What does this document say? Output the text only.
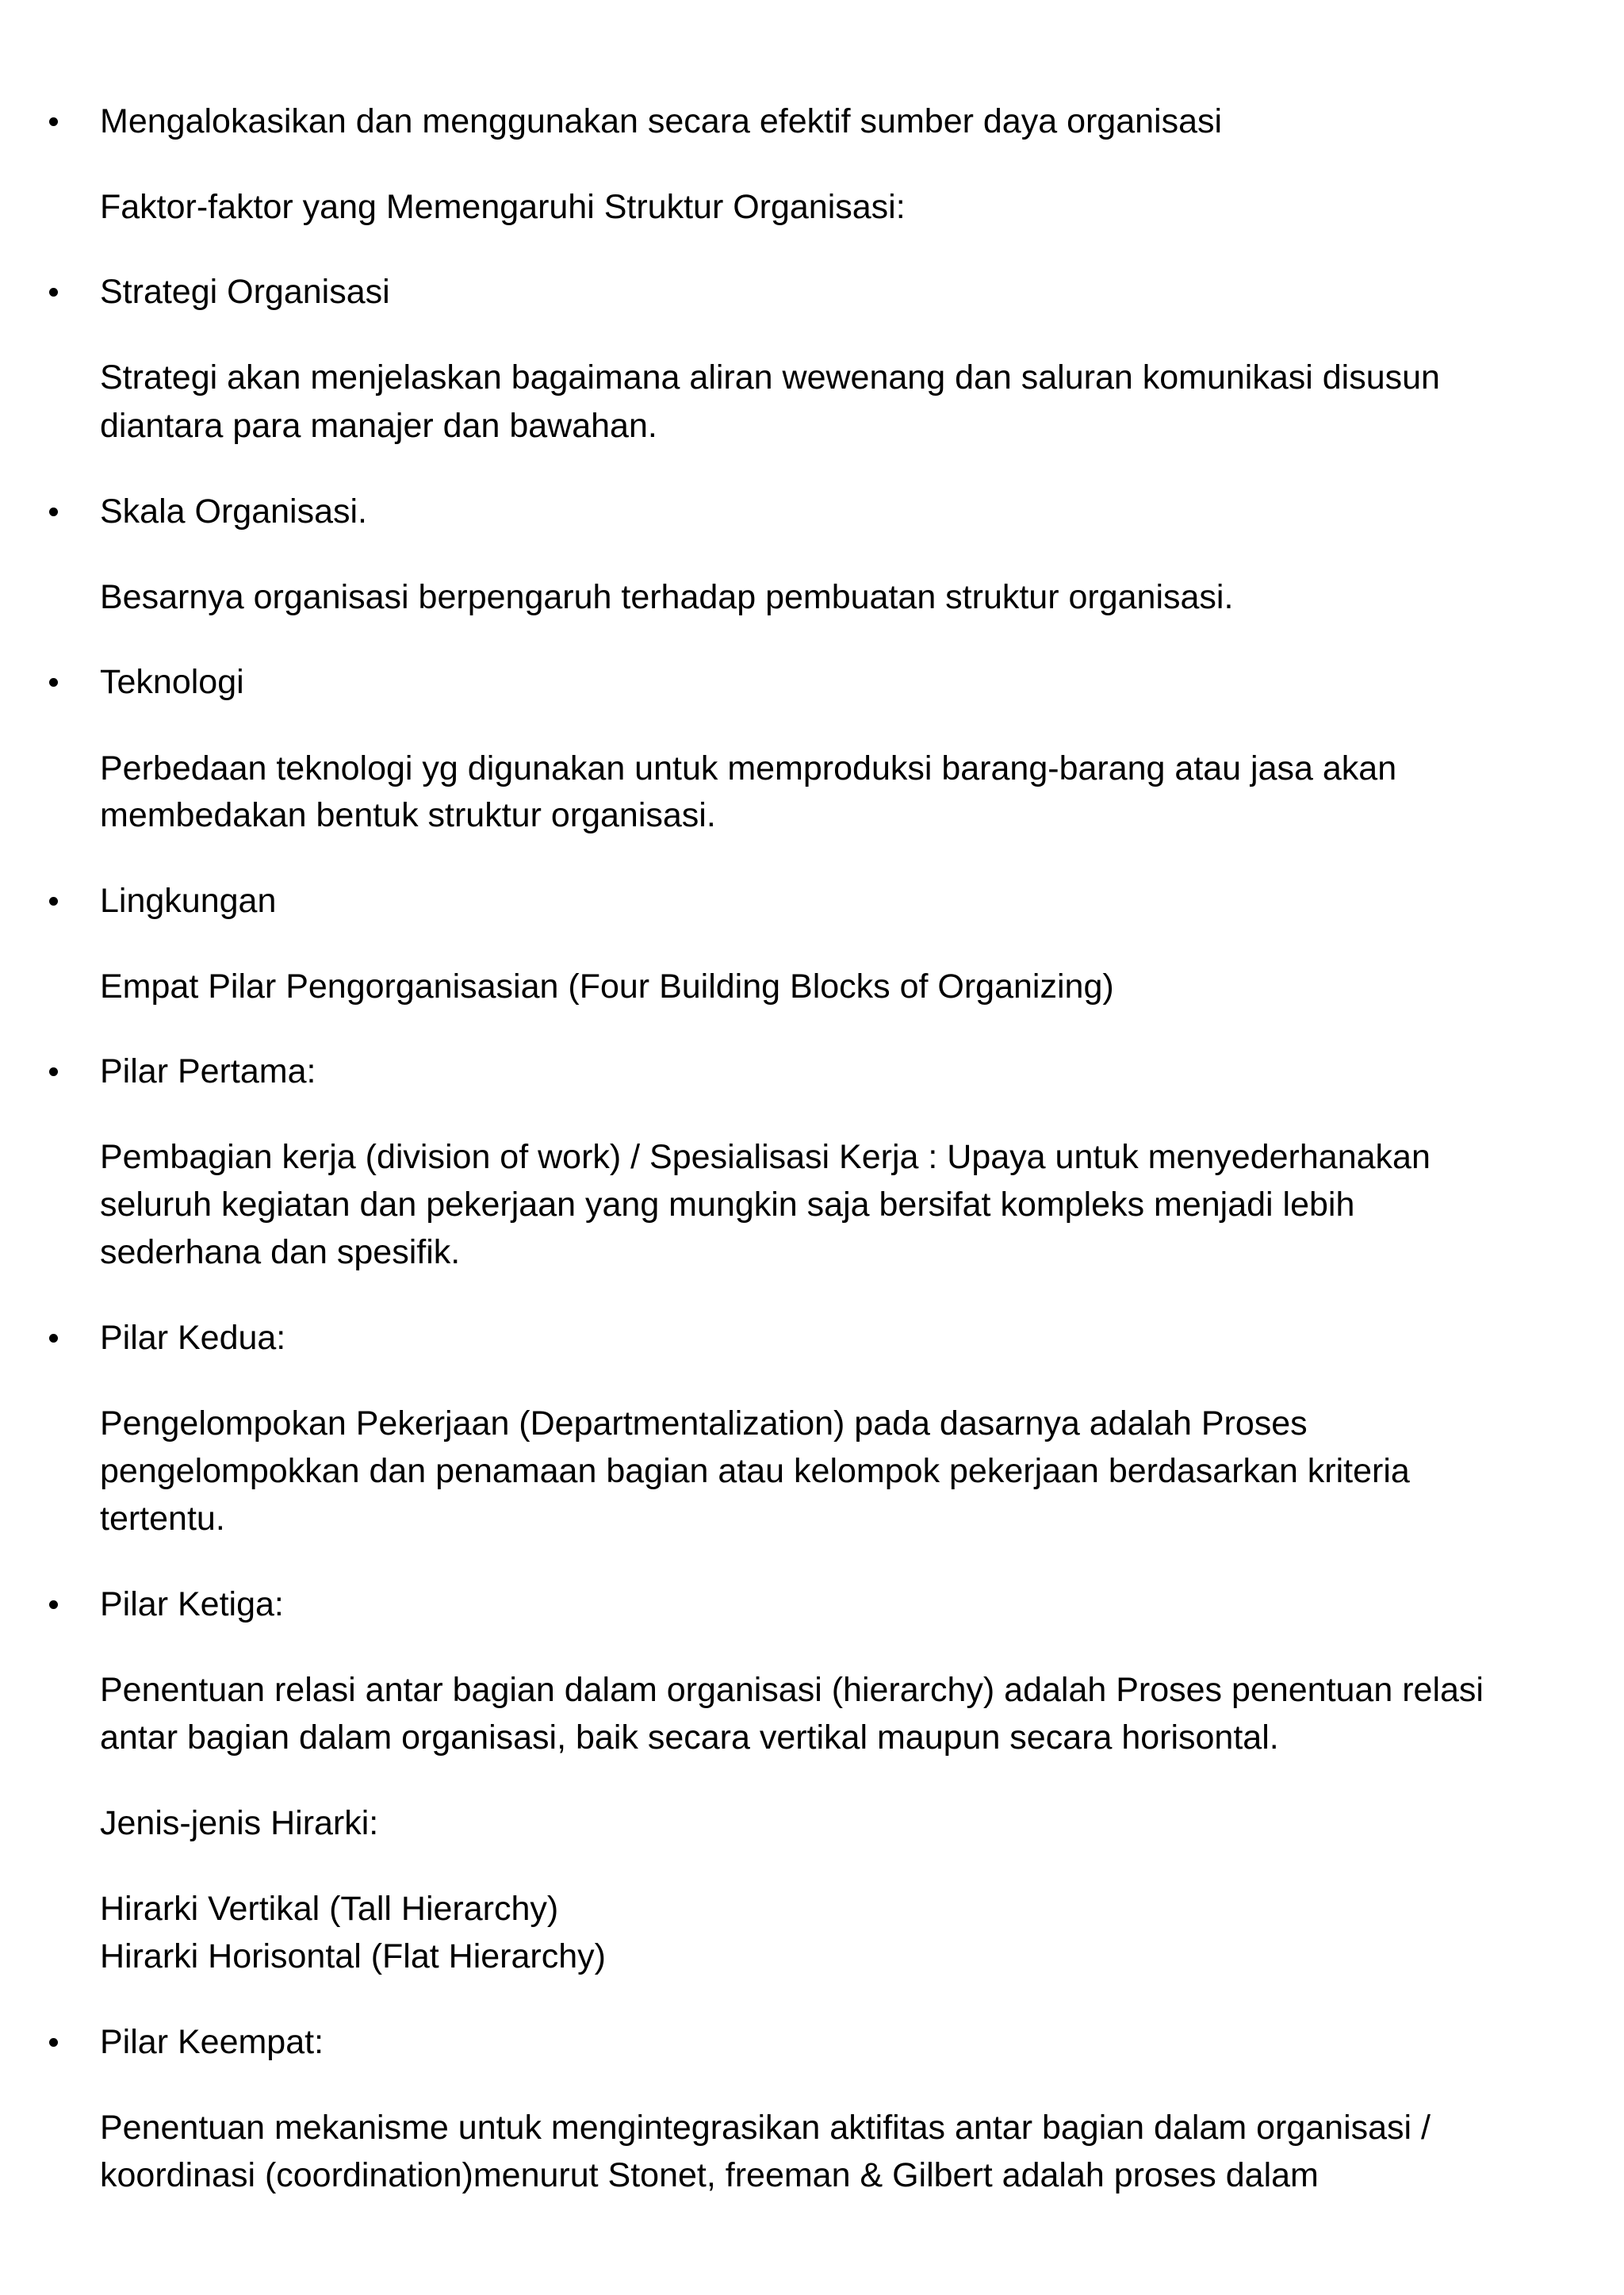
Mengalokasikan dan menggunakan secara efektif sumber daya organisasi
Faktor-faktor yang Memengaruhi Struktur Organisasi:
Strategi Organisasi
Strategi akan menjelaskan bagaimana aliran wewenang dan saluran komunikasi disusun
diantara para manajer dan bawahan.
Skala Organisasi.
Besarnya organisasi berpengaruh terhadap pembuatan struktur organisasi.
Teknologi
Perbedaan teknologi yg digunakan untuk memproduksi barang-barang atau jasa akan
membedakan bentuk struktur organisasi.
Lingkungan
Empat Pilar Pengorganisasian (Four Building Blocks of Organizing)
Pilar Pertama:
Pembagian kerja (division of work) / Spesialisasi Kerja : Upaya untuk menyederhanakan
seluruh kegiatan dan pekerjaan yang mungkin saja bersifat kompleks menjadi lebih
sederhana dan spesifik.
Pilar Kedua:
Pengelompokan Pekerjaan (Departmentalization) pada dasarnya adalah Proses
pengelompokkan dan penamaan bagian atau kelompok pekerjaan berdasarkan kriteria
tertentu.
Pilar Ketiga:
Penentuan relasi antar bagian dalam organisasi (hierarchy) adalah Proses penentuan relasi
antar bagian dalam organisasi, baik secara vertikal maupun secara horisontal.
Jenis-jenis Hirarki:
Hirarki Vertikal (Tall Hierarchy)
Hirarki Horisontal (Flat Hierarchy)
Pilar Keempat:
Penentuan mekanisme untuk mengintegrasikan aktifitas antar bagian dalam organisasi /
koordinasi (coordination)menurut Stonet, freeman & Gilbert adalah proses dalam
